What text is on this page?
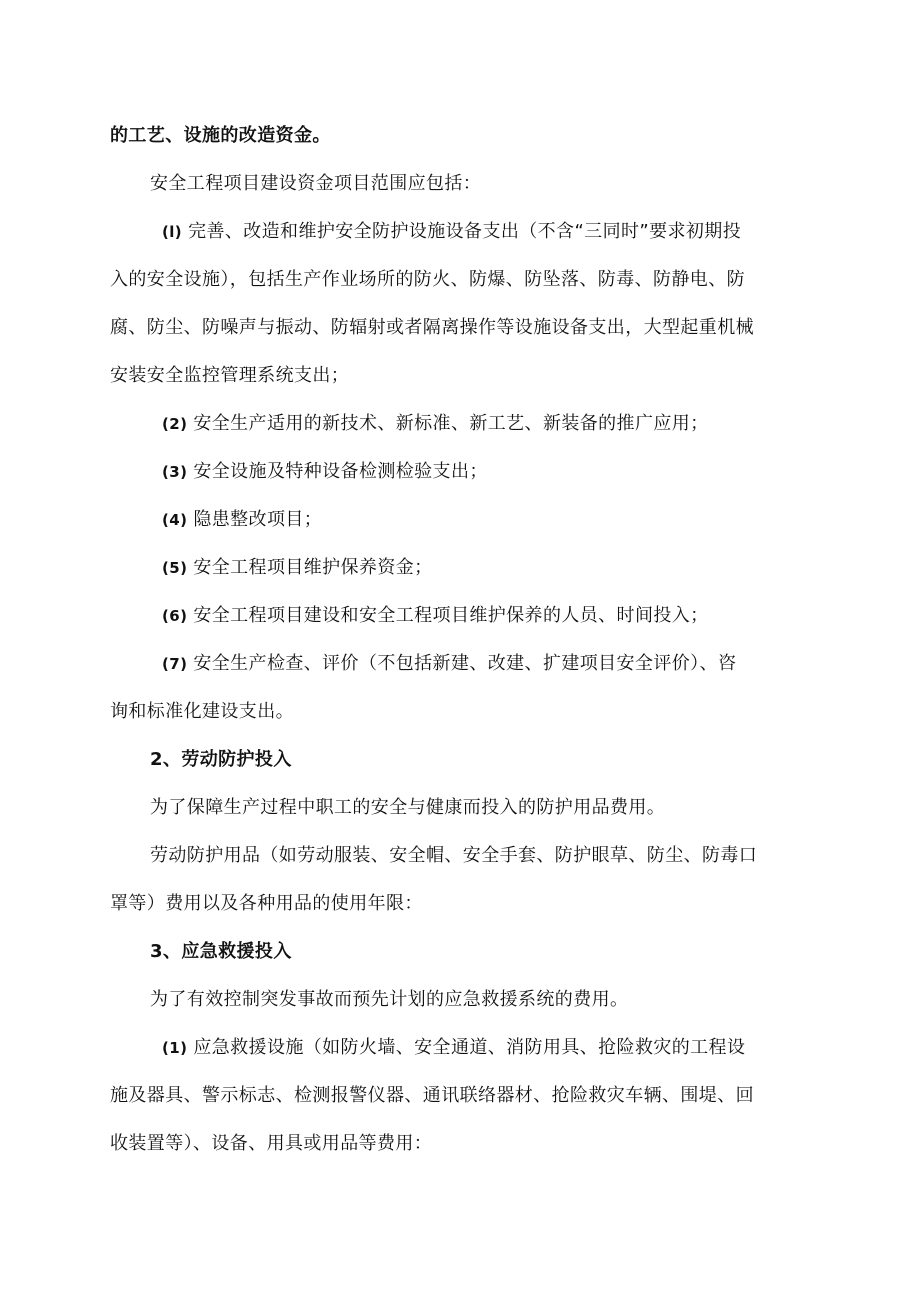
的工艺、设施的改造资金。

安全工程项目建设资金项目范围应包括：

(l) 完善、改造和维护安全防护设施设备支出（不含“三同时”要求初期投

入的安全设施），包括生产作业场所的防火、防爆、防坠落、防毒、防静电、防

腐、防尘、防噪声与振动、防辐射或者隔离操作等设施设备支出，大型起重机械

安装安全监控管理系统支出；

(2) 安全生产适用的新技术、新标准、新工艺、新装备的推广应用；

(3) 安全设施及特种设备检测检验支出；

(4) 隐患整改项目；

(5) 安全工程项目维护保养资金；

(6) 安全工程项目建设和安全工程项目维护保养的人员、时间投入；

(7) 安全生产检查、评价（不包括新建、改建、扩建项目安全评价）、咨

询和标准化建设支出。

2、劳动防护投入

为了保障生产过程中职工的安全与健康而投入的防护用品费用。

劳动防护用品（如劳动服装、安全帽、安全手套、防护眼草、防尘、防毒口

罩等）费用以及各种用品的使用年限：

3、应急救援投入

为了有效控制突发事故而预先计划的应急救援系统的费用。

(1) 应急救援设施（如防火墙、安全通道、消防用具、抢险救灾的工程设

施及器具、警示标志、检测报警仪器、通讯联络器材、抢险救灾车辆、围堤、回

收装置等）、设备、用具或用品等费用：
